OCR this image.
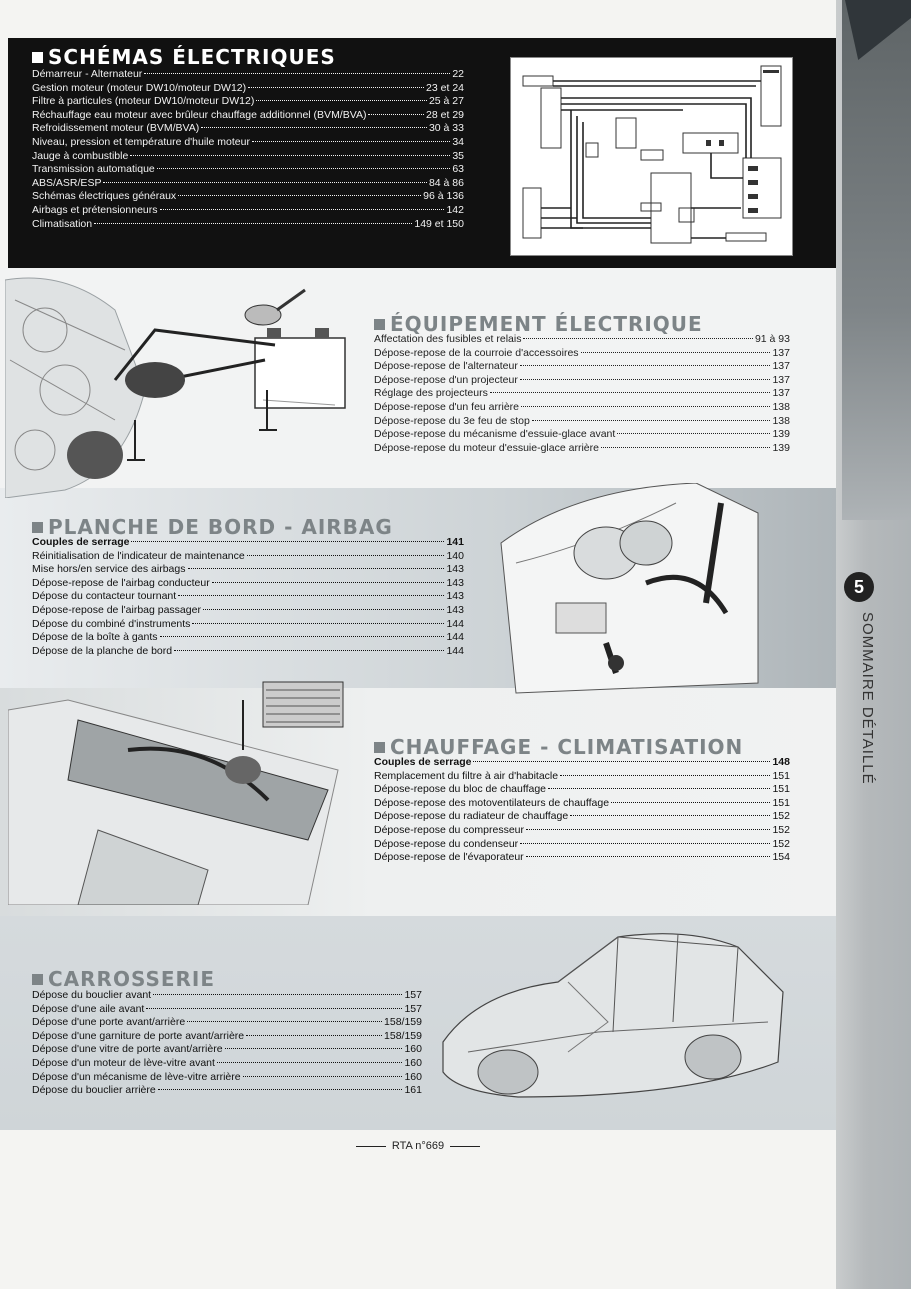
5
SOMMAIRE DÉTAILLÉ
SCHÉMAS ÉLECTRIQUES
Démarreur - Alternateur	22
Gestion moteur (moteur DW10/moteur DW12)	23 et 24
Filtre à particules (moteur DW10/moteur DW12)	25 à 27
Réchauffage eau moteur avec brûleur chauffage additionnel (BVM/BVA)	28 et 29
Refroidissement moteur (BVM/BVA)	30 à 33
Niveau, pression et température d'huile moteur	34
Jauge à combustible	35
Transmission automatique	63
ABS/ASR/ESP	84 à 86
Schémas électriques généraux	96 à 136
Airbags et prétensionneurs	142
Climatisation	149 et 150
ÉQUIPEMENT ÉLECTRIQUE
Affectation des fusibles et relais	91 à 93
Dépose-repose de la courroie d'accessoires	137
Dépose-repose de l'alternateur	137
Dépose-repose d'un projecteur	137
Réglage des projecteurs	137
Dépose-repose d'un feu arrière	138
Dépose-repose du 3e feu de stop	138
Dépose-repose du mécanisme d'essuie-glace avant	139
Dépose-repose du moteur d'essuie-glace arrière	139
PLANCHE DE BORD - AIRBAG
Couples de serrage	141
Réinitialisation de l'indicateur de maintenance	140
Mise hors/en service des airbags	143
Dépose-repose de l'airbag conducteur	143
Dépose du contacteur tournant	143
Dépose-repose de l'airbag passager	143
Dépose du combiné d'instruments	144
Dépose de la boîte à gants	144
Dépose de la planche de bord	144
CHAUFFAGE - CLIMATISATION
Couples de serrage	148
Remplacement du filtre à air d'habitacle	151
Dépose-repose du bloc de chauffage	151
Dépose-repose des motoventilateurs de chauffage	151
Dépose-repose du radiateur de chauffage	152
Dépose-repose du compresseur	152
Dépose-repose du condenseur	152
Dépose-repose de l'évaporateur	154
CARROSSERIE
Dépose du bouclier avant	157
Dépose d'une aile avant	157
Dépose d'une porte avant/arrière	158/159
Dépose d'une garniture de porte avant/arrière	158/159
Dépose d'une vitre de porte avant/arrière	160
Dépose d'un moteur de lève-vitre avant	160
Dépose d'un mécanisme de lève-vitre arrière	160
Dépose du bouclier arrière	161
RTA n°669
